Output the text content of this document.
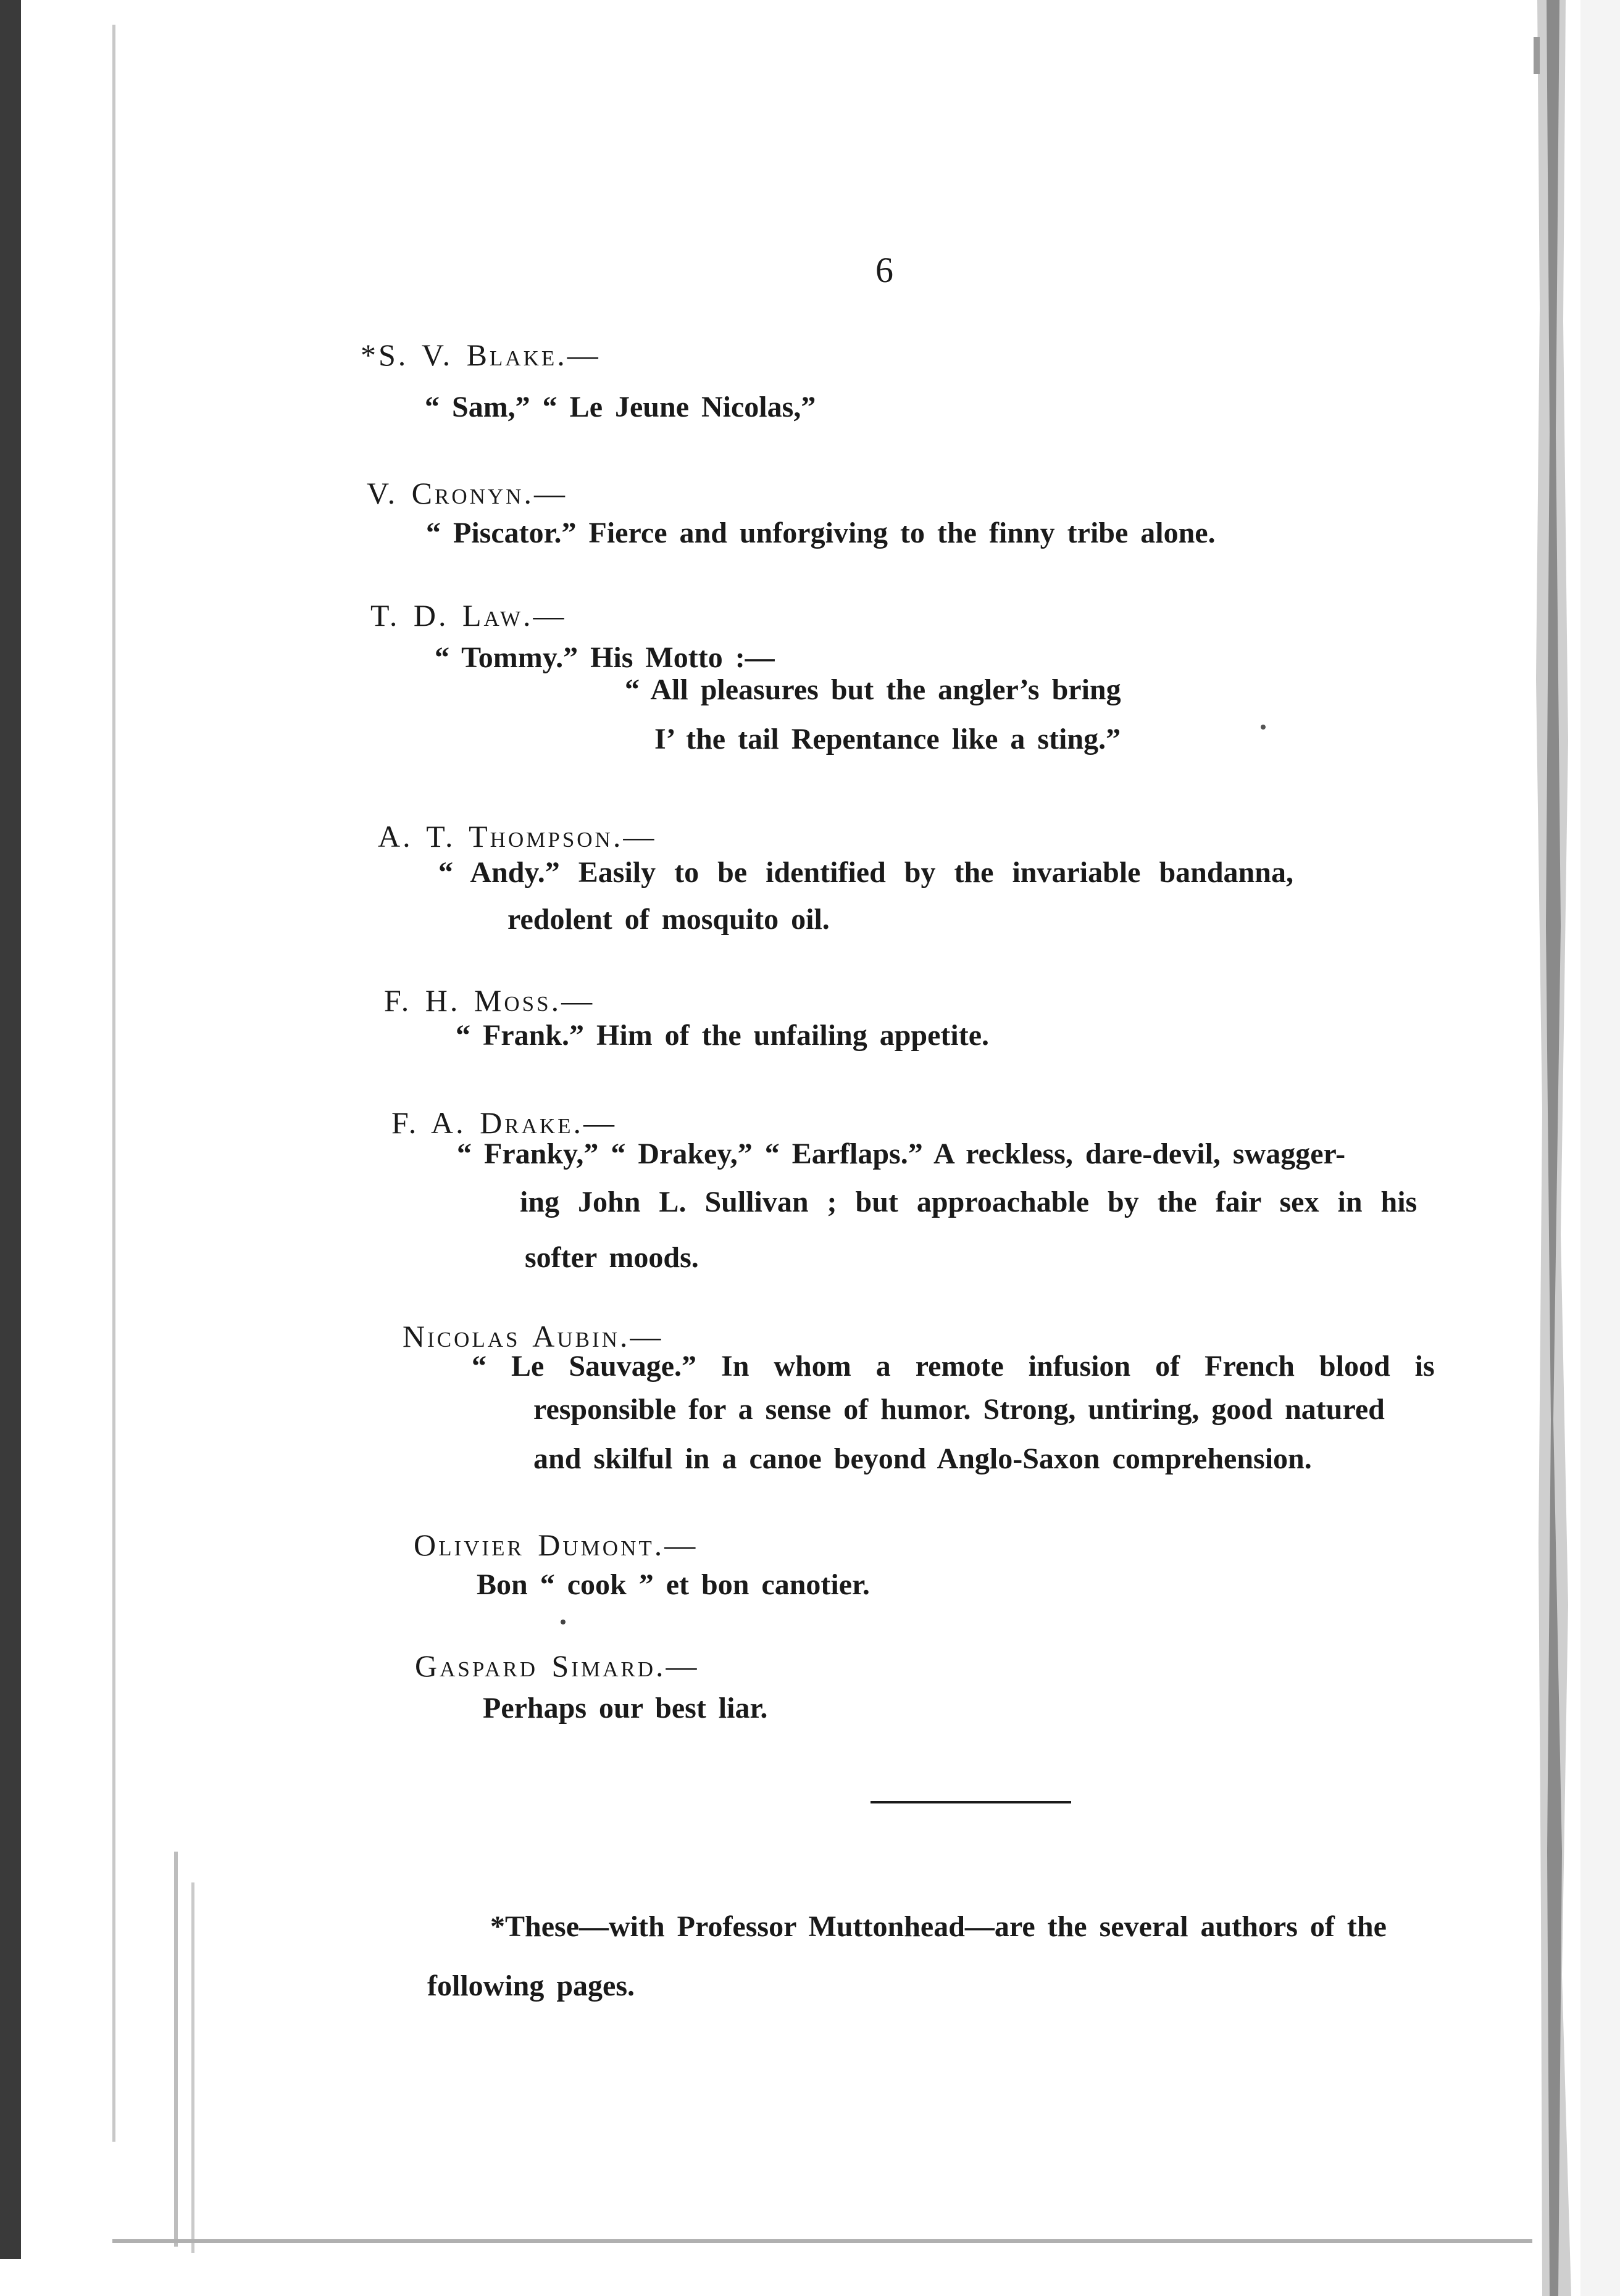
6
*S. V. Blake.—
“ Sam,” “ Le Jeune Nicolas,”
V. Cronyn.—
“ Piscator.” Fierce and unforgiving to the finny tribe alone.
T. D. Law.—
“ Tommy.” His Motto :—
“ All pleasures but the angler’s bring
I’ the tail Repentance like a sting.”
A. T. Thompson.—
“ Andy.” Easily to be identified by the invariable bandanna,
redolent of mosquito oil.
F. H. Moss.—
“ Frank.” Him of the unfailing appetite.
F. A. Drake.—
“ Franky,” “ Drakey,” “ Earflaps.” A reckless, dare-devil, swagger-
ing John L. Sullivan ; but approachable by the fair sex in his
softer moods.
Nicolas Aubin.—
“ Le Sauvage.” In whom a remote infusion of French blood is
responsible for a sense of humor. Strong, untiring, good natured
and skilful in a canoe beyond Anglo-Saxon comprehension.
Olivier Dumont.—
Bon “ cook ” et bon canotier.
Gaspard Simard.—
Perhaps our best liar.
*These—with Professor Muttonhead—are the several authors of the
following pages.
